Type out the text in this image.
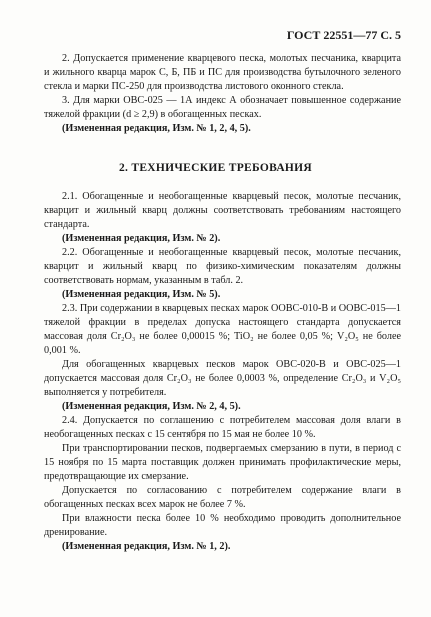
ГОСТ 22551—77 С. 5

2. Допускается применение кварцевого песка, молотых песчаника, кварцита и жильного кварца марок С, Б, ПБ и ПС для производства бутылочного зеленого стекла и марки ПС-250 для производства листового оконного стекла.

3. Для марки ОВС-025 — 1А индекс А обозначает повышенное содержание тяжелой фракции (d ≥ 2,9) в обогащенных песках.

(Измененная редакция, Изм. № 1, 2, 4, 5).

2. ТЕХНИЧЕСКИЕ ТРЕБОВАНИЯ

2.1. Обогащенные и необогащенные кварцевый песок, молотые песчаник, кварцит и жильный кварц должны соответствовать требованиям настоящего стандарта.

(Измененная редакция, Изм. № 2).

2.2. Обогащенные и необогащенные кварцевый песок, молотые песчаник, кварцит и жильный кварц по физико-химическим показателям должны соответствовать нормам, указанным в табл. 2.

(Измененная редакция, Изм. № 5).

2.3. При содержании в кварцевых песках марок ООВС-010-В и ООВС-015—1 тяжелой фракции в пределах допуска настоящего стандарта допускается массовая доля Cr₂O₃ не более 0,00015 %; TiO₂ не более 0,05 %; V₂O₅ не более 0,001 %.

Для обогащенных кварцевых песков марок ОВС-020-В и ОВС-025—1 допускается массовая доля Cr₂O₃ не более 0,0003 %, определение Cr₂O₃ и V₂O₅ выполняется у потребителя.

(Измененная редакция, Изм. № 2, 4, 5).

2.4. Допускается по соглашению с потребителем массовая доля влаги в необогащенных песках с 15 сентября по 15 мая не более 10 %.

При транспортировании песков, подвергаемых смерзанию в пути, в период с 15 ноября по 15 марта поставщик должен принимать профилактические меры, предотвращающие их смерзание.

Допускается по согласованию с потребителем содержание влаги в обогащенных песках всех марок не более 7 %.

При влажности песка более 10 % необходимо проводить дополнительное дренирование.

(Измененная редакция, Изм. № 1, 2).
